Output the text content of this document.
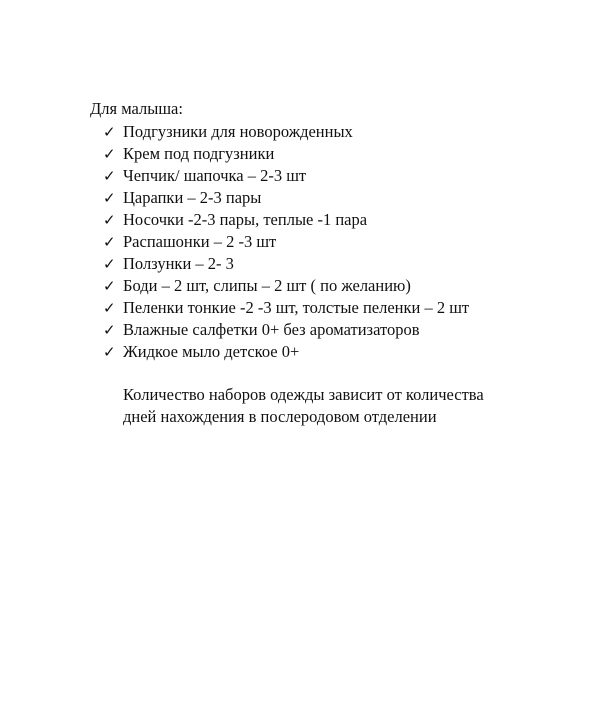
Для малыша:
✓ Подгузники для новорожденных
✓ Крем под подгузники
✓ Чепчик/ шапочка – 2-3 шт
✓ Царапки – 2-3 пары
✓ Носочки -2-3 пары, теплые -1 пара
✓ Распашонки – 2 -3 шт
✓ Ползунки – 2- 3
✓ Боди – 2 шт, слипы – 2 шт ( по желанию)
✓ Пеленки тонкие -2 -3 шт, толстые пеленки – 2 шт
✓ Влажные салфетки 0+ без ароматизаторов
✓ Жидкое мыло детское 0+
Количество наборов одежды зависит от количества
дней нахождения в послеродовом отделении
